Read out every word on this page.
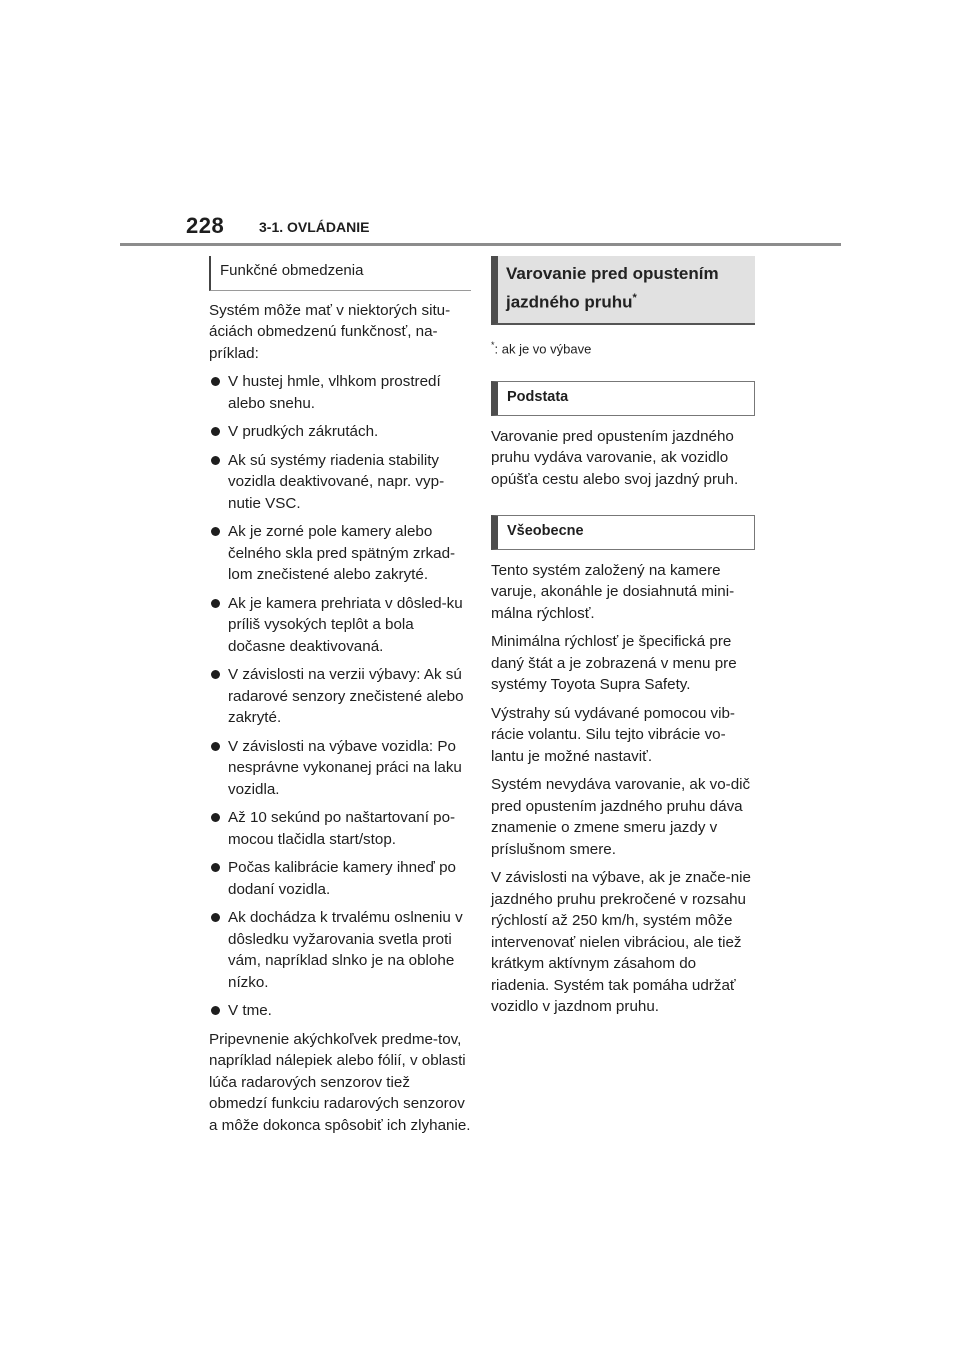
228 3-1. OVLÁDANIE
Funkčné obmedzenia

Systém môže mať v niektorých situ-áciách obmedzenú funkčnosť, na-príklad:

V hustej hmle, vlhkom prostredí alebo snehu.
V prudkých zákrutách.
Ak sú systémy riadenia stability vozidla deaktivované, napr. vyp-nutie VSC.
Ak je zorné pole kamery alebo čelného skla pred spätným zrkad-lom znečistené alebo zakryté.
Ak je kamera prehriata v dôsled-ku príliš vysokých teplôt a bola dočasne deaktivovaná.
V závislosti na verzii výbavy: Ak sú radarové senzory znečistené alebo zakryté.
V závislosti na výbave vozidla: Po nesprávne vykonanej práci na laku vozidla.
Až 10 sekúnd po naštartovaní po-mocou tlačidla start/stop.
Počas kalibrácie kamery ihneď po dodaní vozidla.
Ak dochádza k trvalému oslneniu v dôsledku vyžarovania svetla proti vám, napríklad slnko je na oblohe nízko.
V tme.

Pripevnenie akýchkoľvek predme-tov, napríklad nálepiek alebo fólií, v oblasti lúča radarových senzorov tiež obmedzí funkciu radarových senzorov a môže dokonca spôsobiť ich zlyhanie.

Varovanie pred opustením jazdného pruhu*
*: ak je vo výbave
Podstata

Varovanie pred opustením jazdného pruhu vydáva varovanie, ak vozidlo opúšťa cestu alebo svoj jazdný pruh.

Všeobecne

Tento systém založený na kamere varuje, akonáhle je dosiahnutá mini-málna rýchlosť.

Minimálna rýchlosť je špecifická pre daný štát a je zobrazená v menu pre systémy Toyota Supra Safety.

Výstrahy sú vydávané pomocou vib-rácie volantu. Silu tejto vibrácie vo-lantu je možné nastaviť.

Systém nevydáva varovanie, ak vo-dič pred opustením jazdného pruhu dáva znamenie o zmene smeru jazdy v príslušnom smere.

V závislosti na výbave, ak je znače-nie jazdného pruhu prekročené v rozsahu rýchlostí až 250 km/h, systém môže intervenovať nielen vibráciou, ale tiež krátkym aktívnym zásahom do riadenia. Systém tak pomáha udržať vozidlo v jazdnom pruhu.
